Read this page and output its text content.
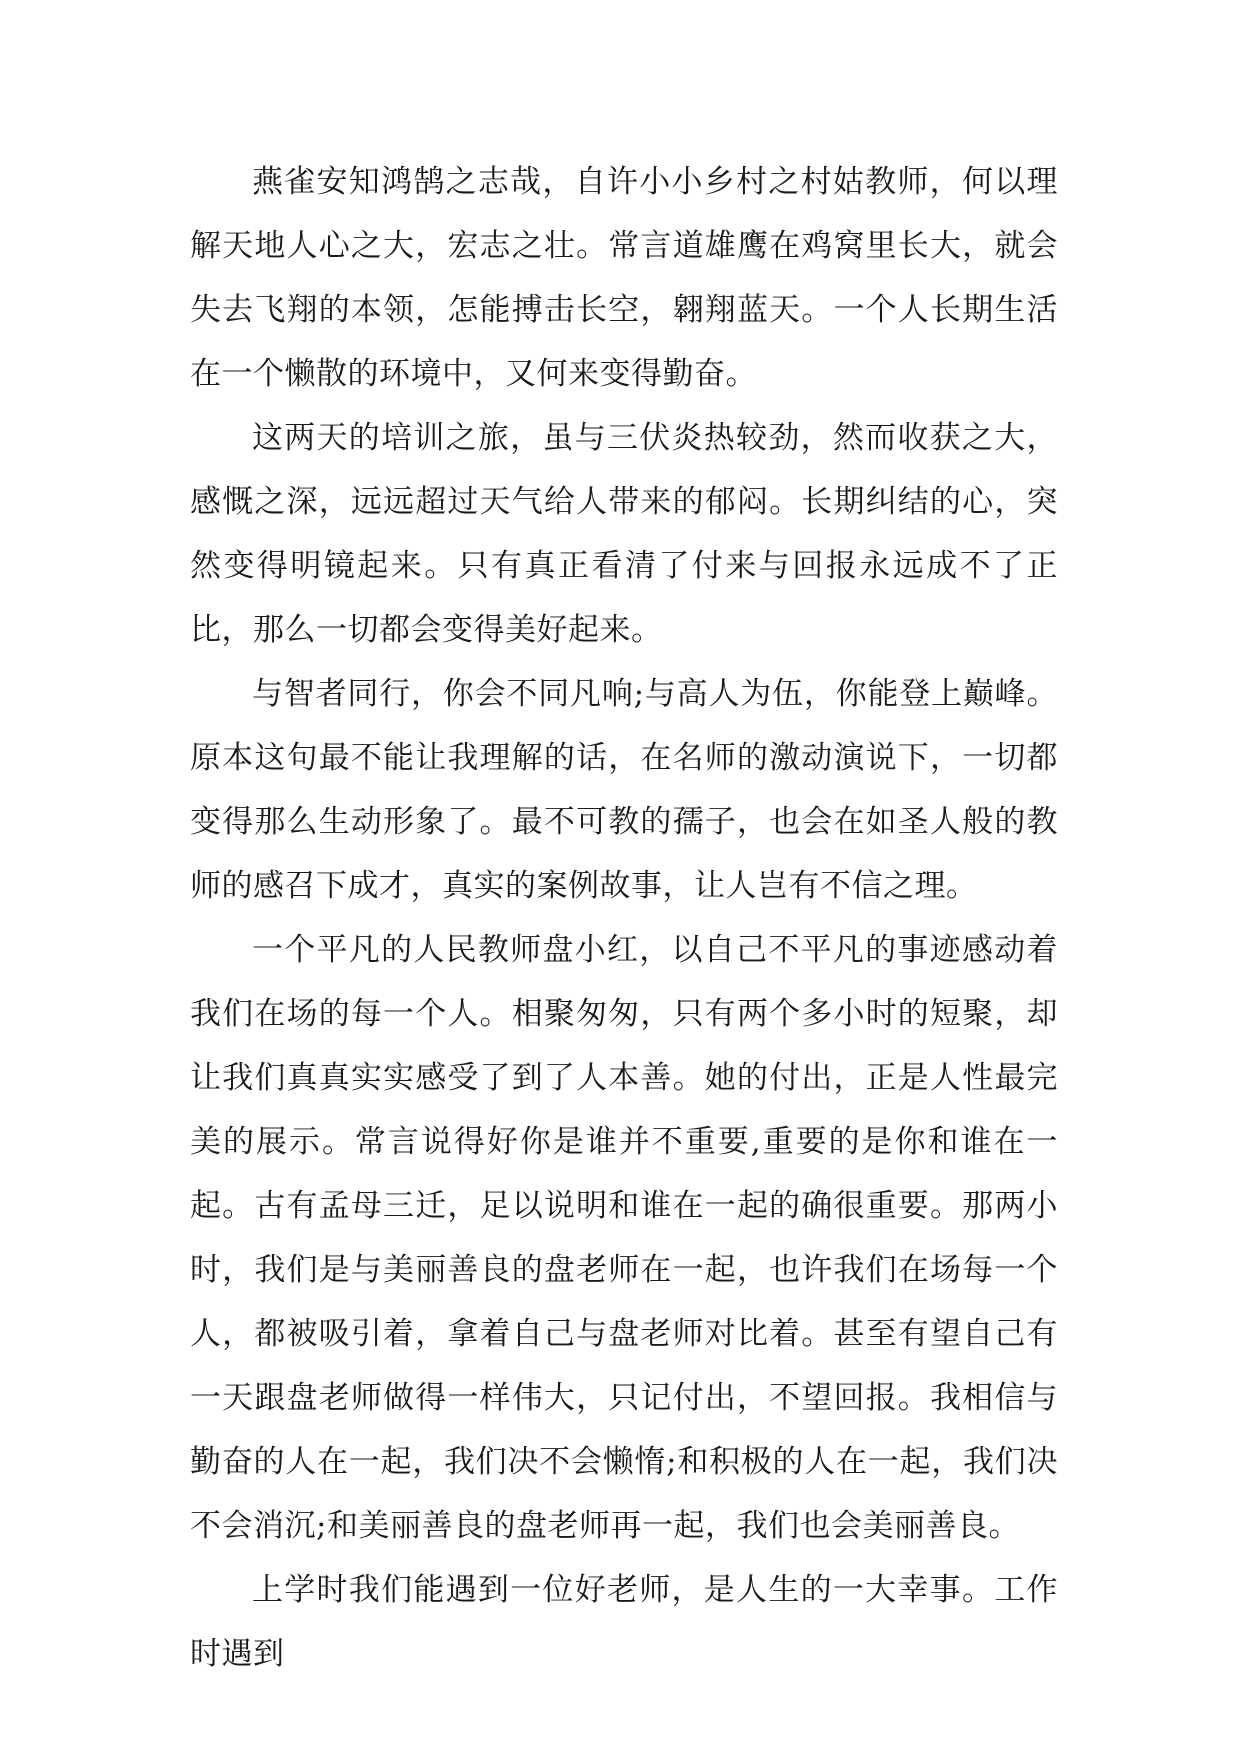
燕雀安知鸿鹄之志哉，自许小小乡村之村姑教师，何以理解天地人心之大，宏志之壮。常言道雄鹰在鸡窝里长大，就会失去飞翔的本领，怎能搏击长空，翱翔蓝天。一个人长期生活在一个懒散的环境中，又何来变得勤奋。

这两天的培训之旅，虽与三伏炎热较劲，然而收获之大，感慨之深，远远超过天气给人带来的郁闷。长期纠结的心，突然变得明镜起来。只有真正看清了付来与回报永远成不了正比，那么一切都会变得美好起来。

与智者同行，你会不同凡响;与高人为伍，你能登上巅峰。原本这句最不能让我理解的话，在名师的激动演说下，一切都变得那么生动形象了。最不可教的孺子，也会在如圣人般的教师的感召下成才，真实的案例故事，让人岂有不信之理。

一个平凡的人民教师盘小红，以自己不平凡的事迹感动着我们在场的每一个人。相聚匆匆，只有两个多小时的短聚，却让我们真真实实感受了到了人本善。她的付出，正是人性最完美的展示。常言说得好你是谁并不重要,重要的是你和谁在一起。古有孟母三迁，足以说明和谁在一起的确很重要。那两小时，我们是与美丽善良的盘老师在一起，也许我们在场每一个人，都被吸引着，拿着自己与盘老师对比着。甚至有望自己有一天跟盘老师做得一样伟大，只记付出，不望回报。我相信与勤奋的人在一起，我们决不会懒惰;和积极的人在一起，我们决不会消沉;和美丽善良的盘老师再一起，我们也会美丽善良。

上学时我们能遇到一位好老师，是人生的一大幸事。工作时遇到
